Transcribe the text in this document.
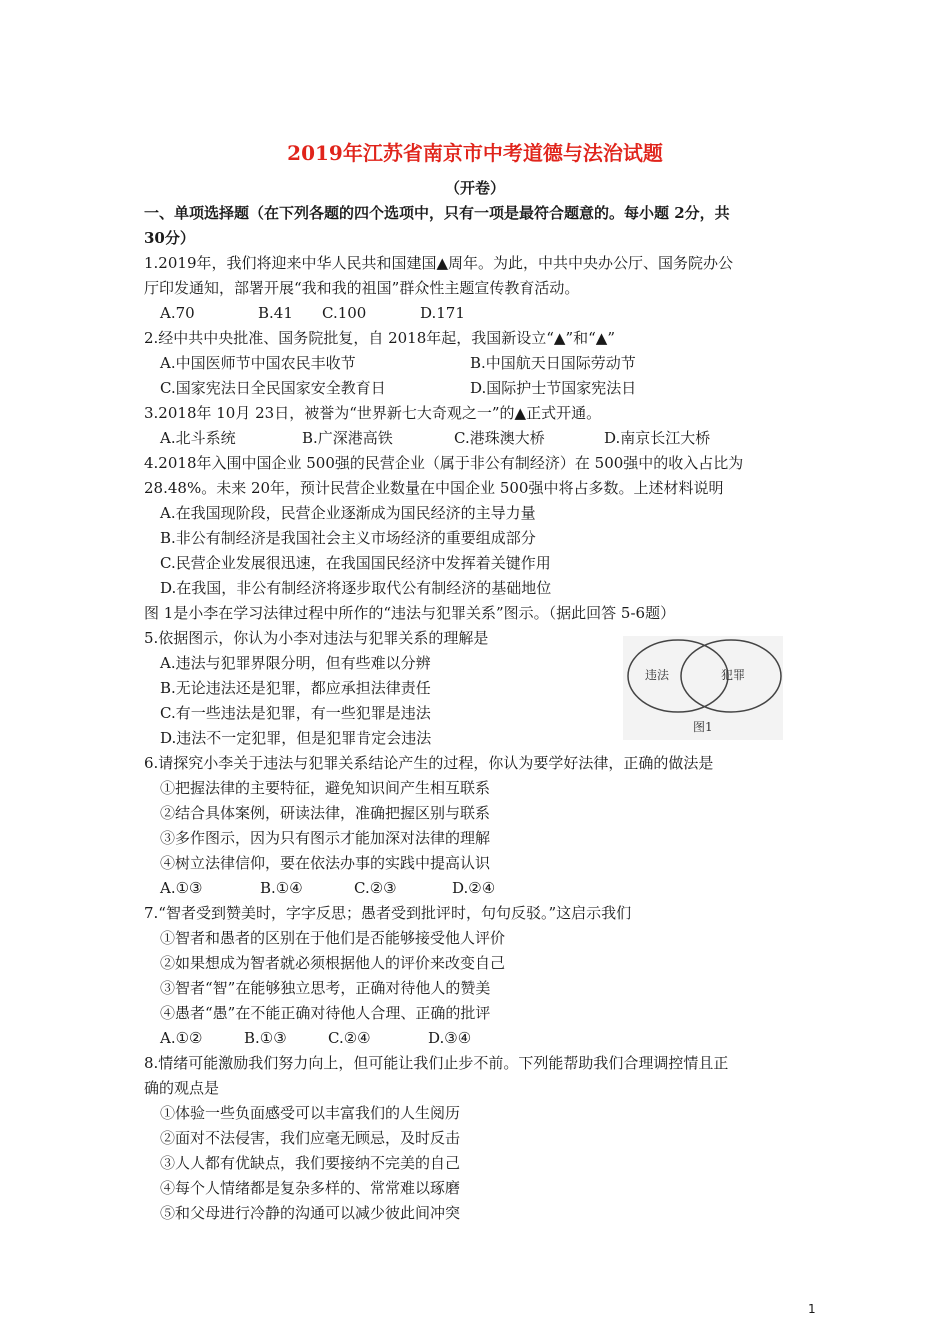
2019年江苏省南京市中考道德与法治试题
（开卷）
一、单项选择题（在下列各题的四个选项中，只有一项是最符合题意的。每小题 2分，共
30分）
1.2019年，我们将迎来中华人民共和国建国▲周年。为此，中共中央办公厅、国务院办公
厅印发通知，部署开展“我和我的祖国”群众性主题宣传教育活动。
A.70	B.41 C.100	D.171
2.经中共中央批准、国务院批复，自 2018年起，我国新设立“▲”和“▲”
A.中国医师节中国农民丰收节	B.中国航天日国际劳动节
C.国家宪法日全民国家安全教育日	D.国际护士节国家宪法日
3.2018年 10月 23日，被誉为“世界新七大奇观之一”的▲正式开通。
A.北斗系统	B.广深港高铁	C.港珠澳大桥	D.南京长江大桥
4.2018年入围中国企业 500强的民营企业（属于非公有制经济）在 500强中的收入占比为
28.48%。未来 20年，预计民营企业数量在中国企业 500强中将占多数。上述材料说明
A.在我国现阶段，民营企业逐渐成为国民经济的主导力量
B.非公有制经济是我国社会主义市场经济的重要组成部分
C.民营企业发展很迅速，在我国国民经济中发挥着关键作用
D.在我国，非公有制经济将逐步取代公有制经济的基础地位
图 1是小李在学习法律过程中所作的“违法与犯罪关系”图示。（据此回答 5-6题）
5.依据图示，你认为小李对违法与犯罪关系的理解是
A.违法与犯罪界限分明，但有些难以分辨
B.无论违法还是犯罪，都应承担法律责任
C.有一些违法是犯罪，有一些犯罪是违法
D.违法不一定犯罪，但是犯罪肯定会违法
违法	犯罪
图1
6.请探究小李关于违法与犯罪关系结论产生的过程，你认为要学好法律，正确的做法是
①把握法律的主要特征，避免知识间产生相互联系
②结合具体案例，研读法律，准确把握区别与联系
③多作图示，因为只有图示才能加深对法律的理解
④树立法律信仰，要在依法办事的实践中提高认识
A.①③	B.①④	C.②③	D.②④
7.“智者受到赞美时，字字反思；愚者受到批评时，句句反驳。”这启示我们
①智者和愚者的区别在于他们是否能够接受他人评价
②如果想成为智者就必须根据他人的评价来改变自己
③智者“智”在能够独立思考，正确对待他人的赞美
④愚者“愚”在不能正确对待他人合理、正确的批评
A.①②	B.①③	C.②④	D.③④
8.情绪可能激励我们努力向上，但可能让我们止步不前。下列能帮助我们合理调控情且正
确的观点是
①体验一些负面感受可以丰富我们的人生阅历
②面对不法侵害，我们应毫无顾忌，及时反击
③人人都有优缺点，我们要接纳不完美的自己
④每个人情绪都是复杂多样的、常常难以琢磨
⑤和父母进行冷静的沟通可以减少彼此间冲突
1
